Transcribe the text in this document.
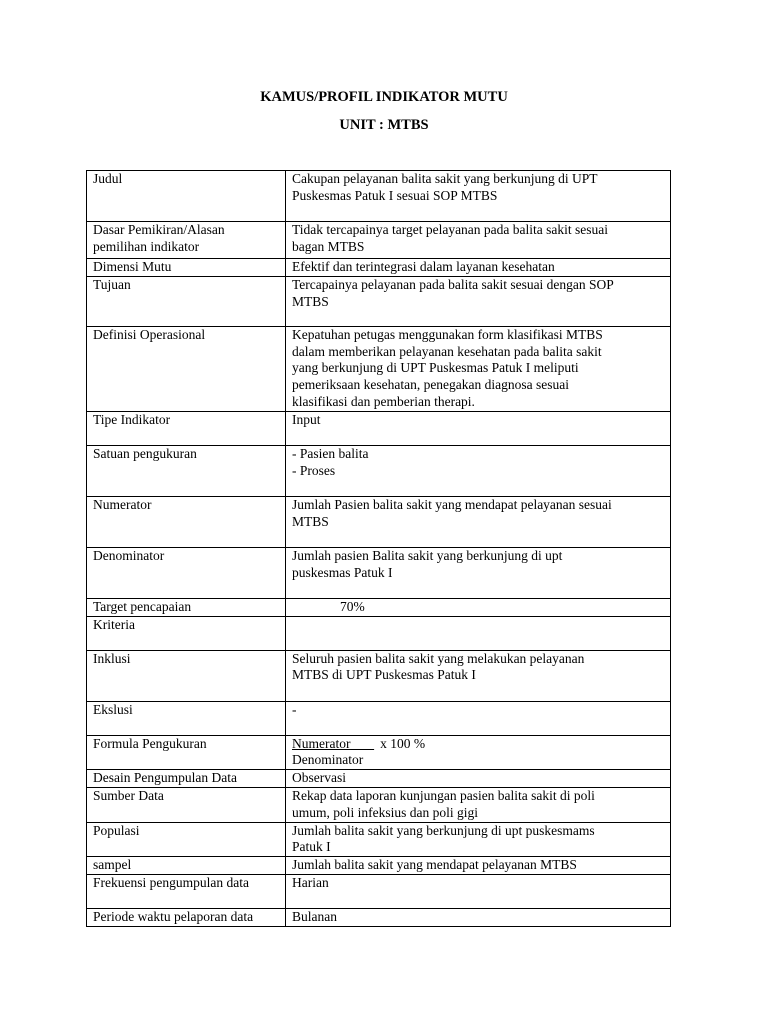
KAMUS/PROFIL INDIKATOR MUTU
UNIT : MTBS
Judul	Cakupan pelayanan balita sakit yang berkunjung di UPT
Puskesmas Patuk I sesuai SOP MTBS

Dasar Pemikiran/Alasan
pemilihan indikator	Tidak tercapainya target pelayanan pada balita sakit sesuai
bagan MTBS

Dimensi Mutu	Efektif dan terintegrasi dalam layanan kesehatan

Tujuan	Tercapainya pelayanan pada balita sakit sesuai dengan SOP
MTBS

Definisi Operasional	Kepatuhan petugas menggunakan form klasifikasi MTBS
dalam memberikan pelayanan kesehatan pada balita sakit
yang berkunjung di UPT Puskesmas Patuk I meliputi
pemeriksaan kesehatan, penegakan diagnosa sesuai
klasifikasi dan pemberian therapi.

Tipe Indikator	Input

Satuan pengukuran	- Pasien balita
- Proses

Numerator	Jumlah Pasien balita sakit yang mendapat pelayanan sesuai
MTBS

Denominator	Jumlah pasien Balita sakit yang berkunjung di upt
puskesmas Patuk I

Target pencapaian	70%

Kriteria	

Inklusi	Seluruh pasien balita sakit yang melakukan pelayanan
MTBS di UPT Puskesmas Patuk I

Ekslusi	-

Formula Pengukuran	Numerator x 100 %
Denominator

Desain Pengumpulan Data	Observasi

Sumber Data	Rekap data laporan kunjungan pasien balita sakit di poli
umum, poli infeksius dan poli gigi

Populasi	Jumlah balita sakit yang berkunjung di upt puskesmams
Patuk I

sampel	Jumlah balita sakit yang mendapat pelayanan MTBS

Frekuensi pengumpulan data	Harian

Periode waktu pelaporan data	Bulanan
